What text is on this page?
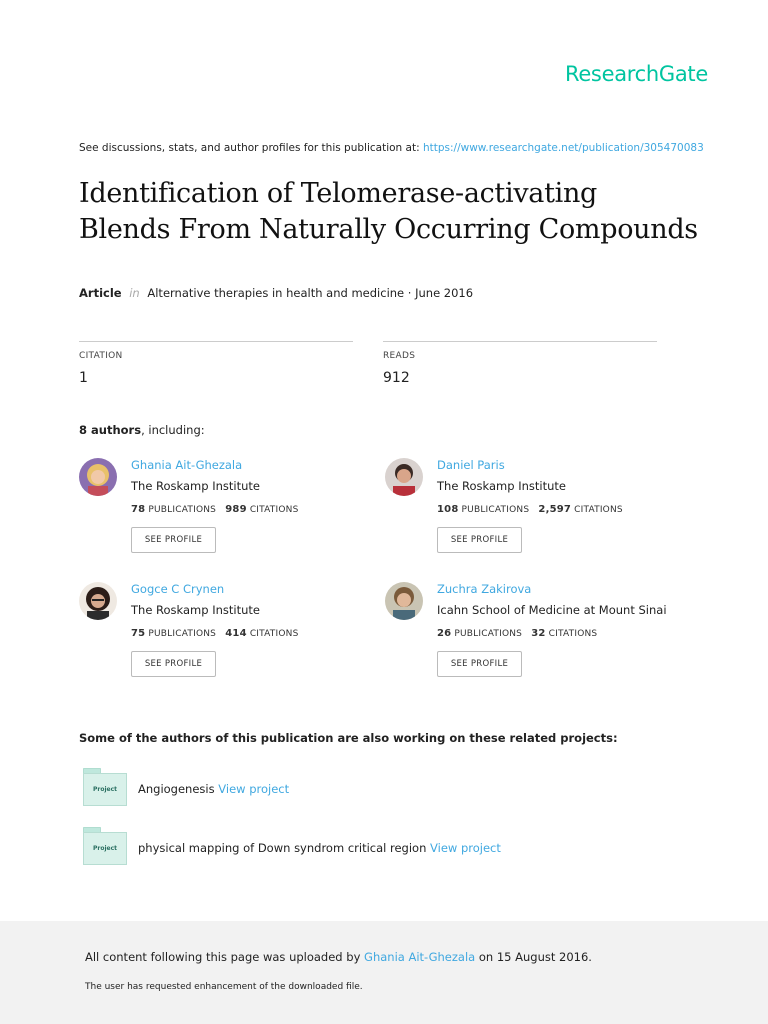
ResearchGate
See discussions, stats, and author profiles for this publication at: https://www.researchgate.net/publication/305470083
Identification of Telomerase-activating
Blends From Naturally Occurring Compounds
Article in Alternative therapies in health and medicine · June 2016
CITATION
1
READS
912
8 authors, including:
Ghania Ait-Ghezala
The Roskamp Institute
78 PUBLICATIONS 989 CITATIONS
SEE PROFILE
Daniel Paris
The Roskamp Institute
108 PUBLICATIONS 2,597 CITATIONS
SEE PROFILE
Gogce C Crynen
The Roskamp Institute
75 PUBLICATIONS 414 CITATIONS
SEE PROFILE
Zuchra Zakirova
Icahn School of Medicine at Mount Sinai
26 PUBLICATIONS 32 CITATIONS
SEE PROFILE
Some of the authors of this publication are also working on these related projects:
Project	Angiogenesis View project
Project	physical mapping of Down syndrom critical region View project
All content following this page was uploaded by Ghania Ait-Ghezala on 15 August 2016.
The user has requested enhancement of the downloaded file.
